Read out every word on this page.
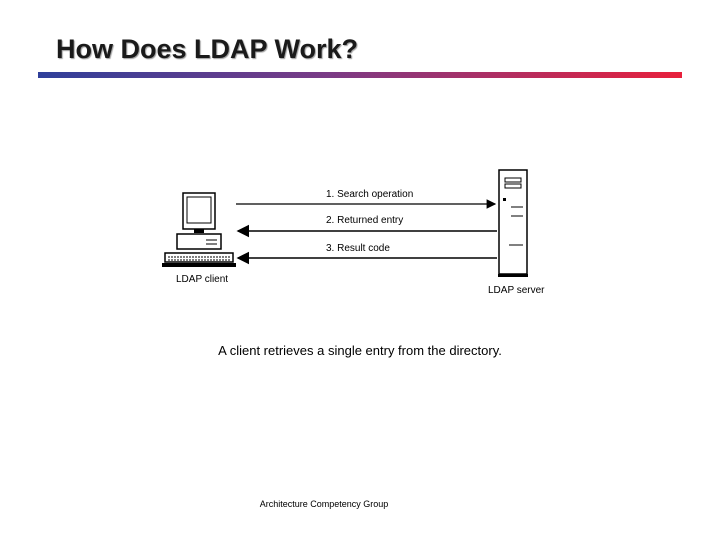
How Does LDAP Work?
LDAP client
LDAP server
1. Search operation
2. Returned entry
3. Result code
A client retrieves a single entry from the directory.
Architecture Competency Group
